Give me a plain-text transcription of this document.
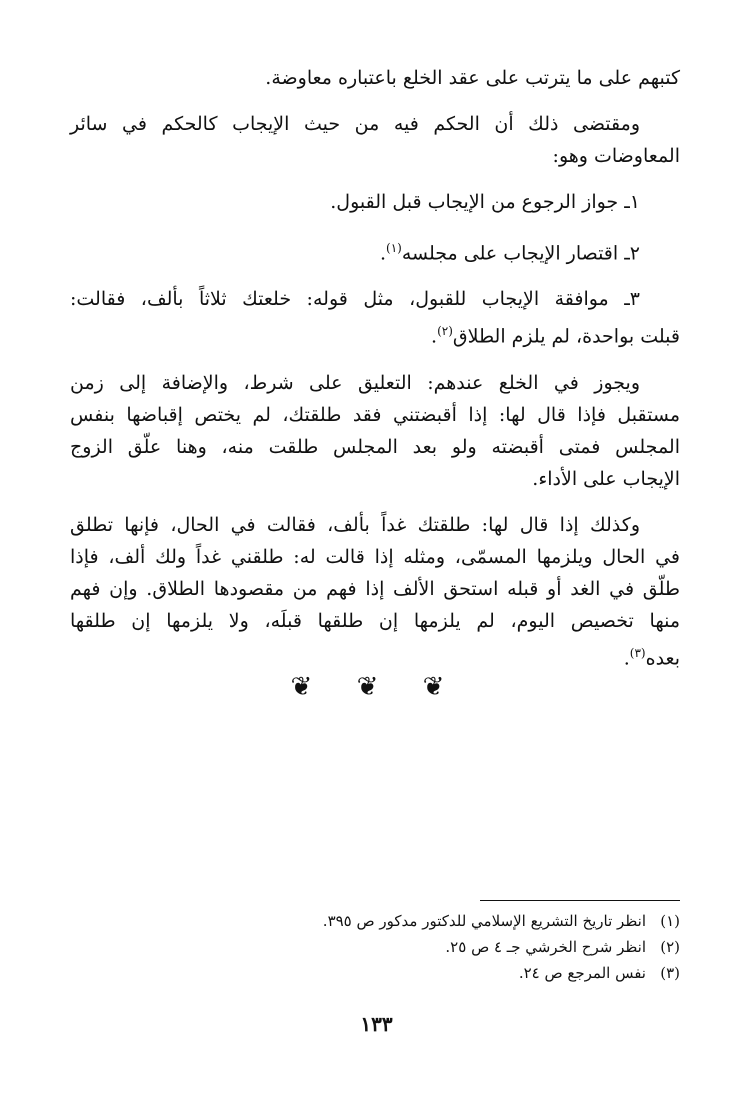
كتبهم على ما يترتب على عقد الخلع باعتباره معاوضة.
ومقتضى ذلك أن الحكم فيه من حيث الإيجاب كالحكم في سائر
المعاوضات وهو:
١ـ جواز الرجوع من الإيجاب قبل القبول.
٢ـ اقتصار الإيجاب على مجلسه$^{(١)}$.
٣ـ موافقة الإيجاب للقبول، مثل قوله: خلعتك ثلاثاً بألف، فقالت:
قبلت بواحدة، لم يلزم الطلاق$^{(٢)}$.
ويجوز في الخلع عندهم: التعليق على شرط، والإضافة إلى زمن
مستقبل فإذا قال لها: إذا أقبضتني فقد طلقتك، لم يختص إقباضها بنفس
المجلس فمتى أقبضته ولو بعد المجلس طلقت منه، وهنا علّق الزوج
الإيجاب على الأداء.
وكذلك إذا قال لها: طلقتك غداً بألف، فقالت في الحال، فإنها تطلق
في الحال ويلزمها المسمّى، ومثله إذا قالت له: طلقني غداً ولك ألف، فإذا
طلّق في الغد أو قبله استحق الألف إذا فهم من مقصودها الطلاق. وإن فهم
منها تخصيص اليوم، لم يلزمها إن طلقها قبلَه، ولا يلزمها إن طلقها
بعده$^{(٣)}$.
❦ ❦ ❦
(١)انظر تاريخ التشريع الإسلامي للدكتور مدكور ص ٣٩٥.
(٢)انظر شرح الخرشي جـ ٤ ص ٢٥.
(٣)نفس المرجع ص ٢٤.
١٣٣
